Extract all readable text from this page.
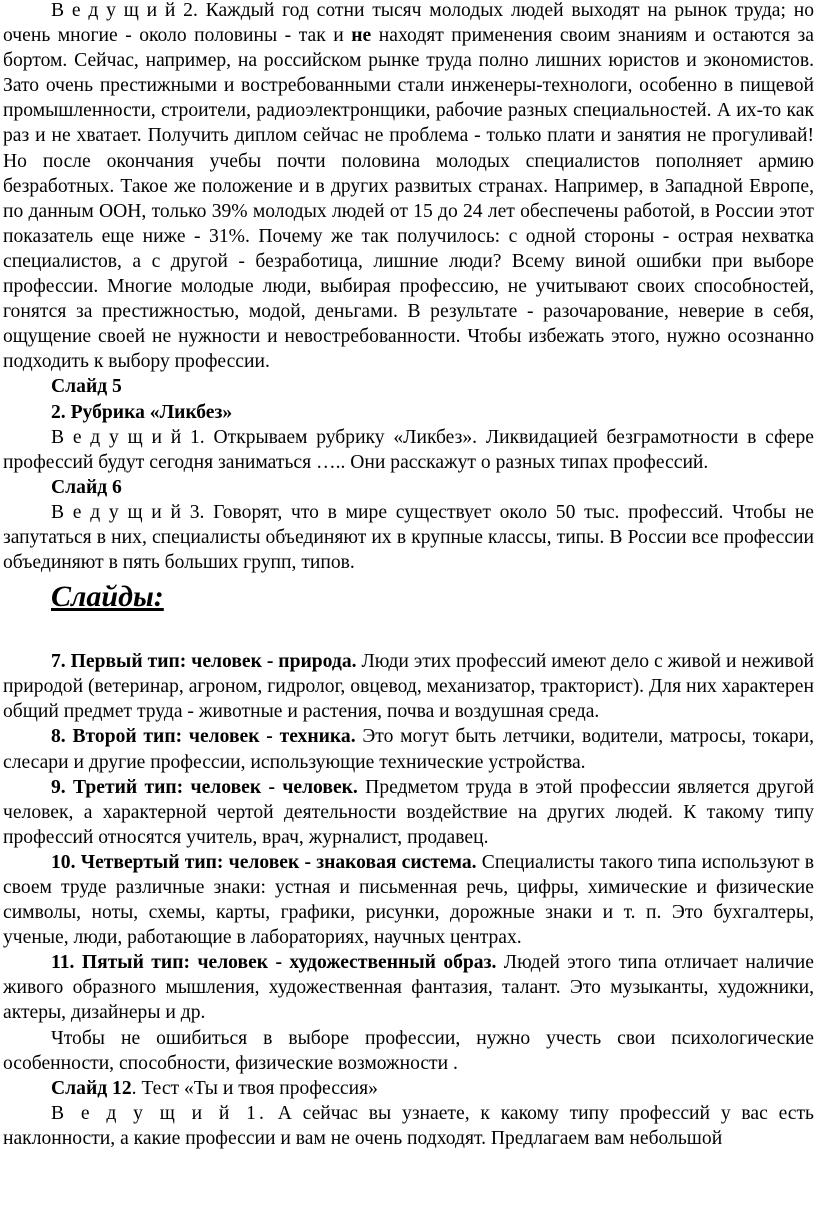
В е д у щ и й 2. Каждый год сотни тысяч молодых людей выходят на рынок труда; но очень многие - около половины - так и не находят применения своим знаниям и остаются за бортом. Сейчас, например, на российском рынке труда полно лишних юристов и экономистов. Зато очень престижными и востребованными стали инженеры-технологи, особенно в пищевой промышленности, строители, радиоэлектронщики, рабочие разных специальностей. А их-то как раз и не хватает. Получить диплом сейчас не проблема - только плати и занятия не прогуливай! Но после окончания учебы почти половина молодых специалистов пополняет армию безработных. Такое же положение и в других развитых странах. Например, в Западной Европе, по данным ООН, только 39% молодых людей от 15 до 24 лет обеспечены работой, в России этот показатель еще ниже - 31%. Почему же так получилось: с одной стороны - острая нехватка специалистов, а с другой - безработица, лишние люди? Всему виной ошибки при выборе профессии. Многие молодые люди, выбирая профессию, не учитывают своих способностей, гонятся за престижностью, модой, деньгами. В результате - разочарование, неверие в себя, ощущение своей не нужности и невостребованности. Чтобы избежать этого, нужно осознанно подходить к выбору профессии.

Слайд 5

2. Рубрика «Ликбез»

В е д у щ и й 1. Открываем рубрику «Ликбез». Ликвидацией безграмотности в сфере профессий будут сегодня заниматься ….. Они расскажут о разных типах профессий.

Слайд 6

В е д у щ и й 3. Говорят, что в мире существует около 50 тыс. профессий. Чтобы не запутаться в них, специалисты объединяют их в крупные классы, типы. В России все профессии объединяют в пять больших групп, типов.

Слайды:

7. Первый тип: человек - природа. Люди этих профессий имеют дело с живой и неживой природой (ветеринар, агроном, гидролог, овцевод, механизатор, тракторист). Для них характерен общий предмет труда - животные и растения, почва и воздушная среда.

8. Второй тип: человек - техника. Это могут быть летчики, водители, матросы, токари, слесари и другие профессии, использующие технические устройства.

9. Третий тип: человек - человек. Предметом труда в этой профессии является другой человек, а характерной чертой деятельности воздействие на других людей. К такому типу профессий относятся учитель, врач, журналист, продавец.

10. Четвертый тип: человек - знаковая система. Специалисты такого типа используют в своем труде различные знаки: устная и письменная речь, цифры, химические и физические символы, ноты, схемы, карты, графики, рисунки, дорожные знаки и т. п. Это бухгалтеры, ученые, люди, работающие в лабораториях, научных центрах.

11. Пятый тип: человек - художественный образ. Людей этого типа отличает наличие живого образного мышления, художественная фантазия, талант. Это музыканты, художники, актеры, дизайнеры и др.

Чтобы не ошибиться в выборе профессии, нужно учесть свои психологические особенности, способности, физические возможности .

Слайд 12. Тест «Ты и твоя профессия»

В е д у щ и й 1. А сейчас вы узнаете, к какому типу профессий у вас есть наклонности, а какие профессии и вам не очень подходят. Предлагаем вам небольшой
